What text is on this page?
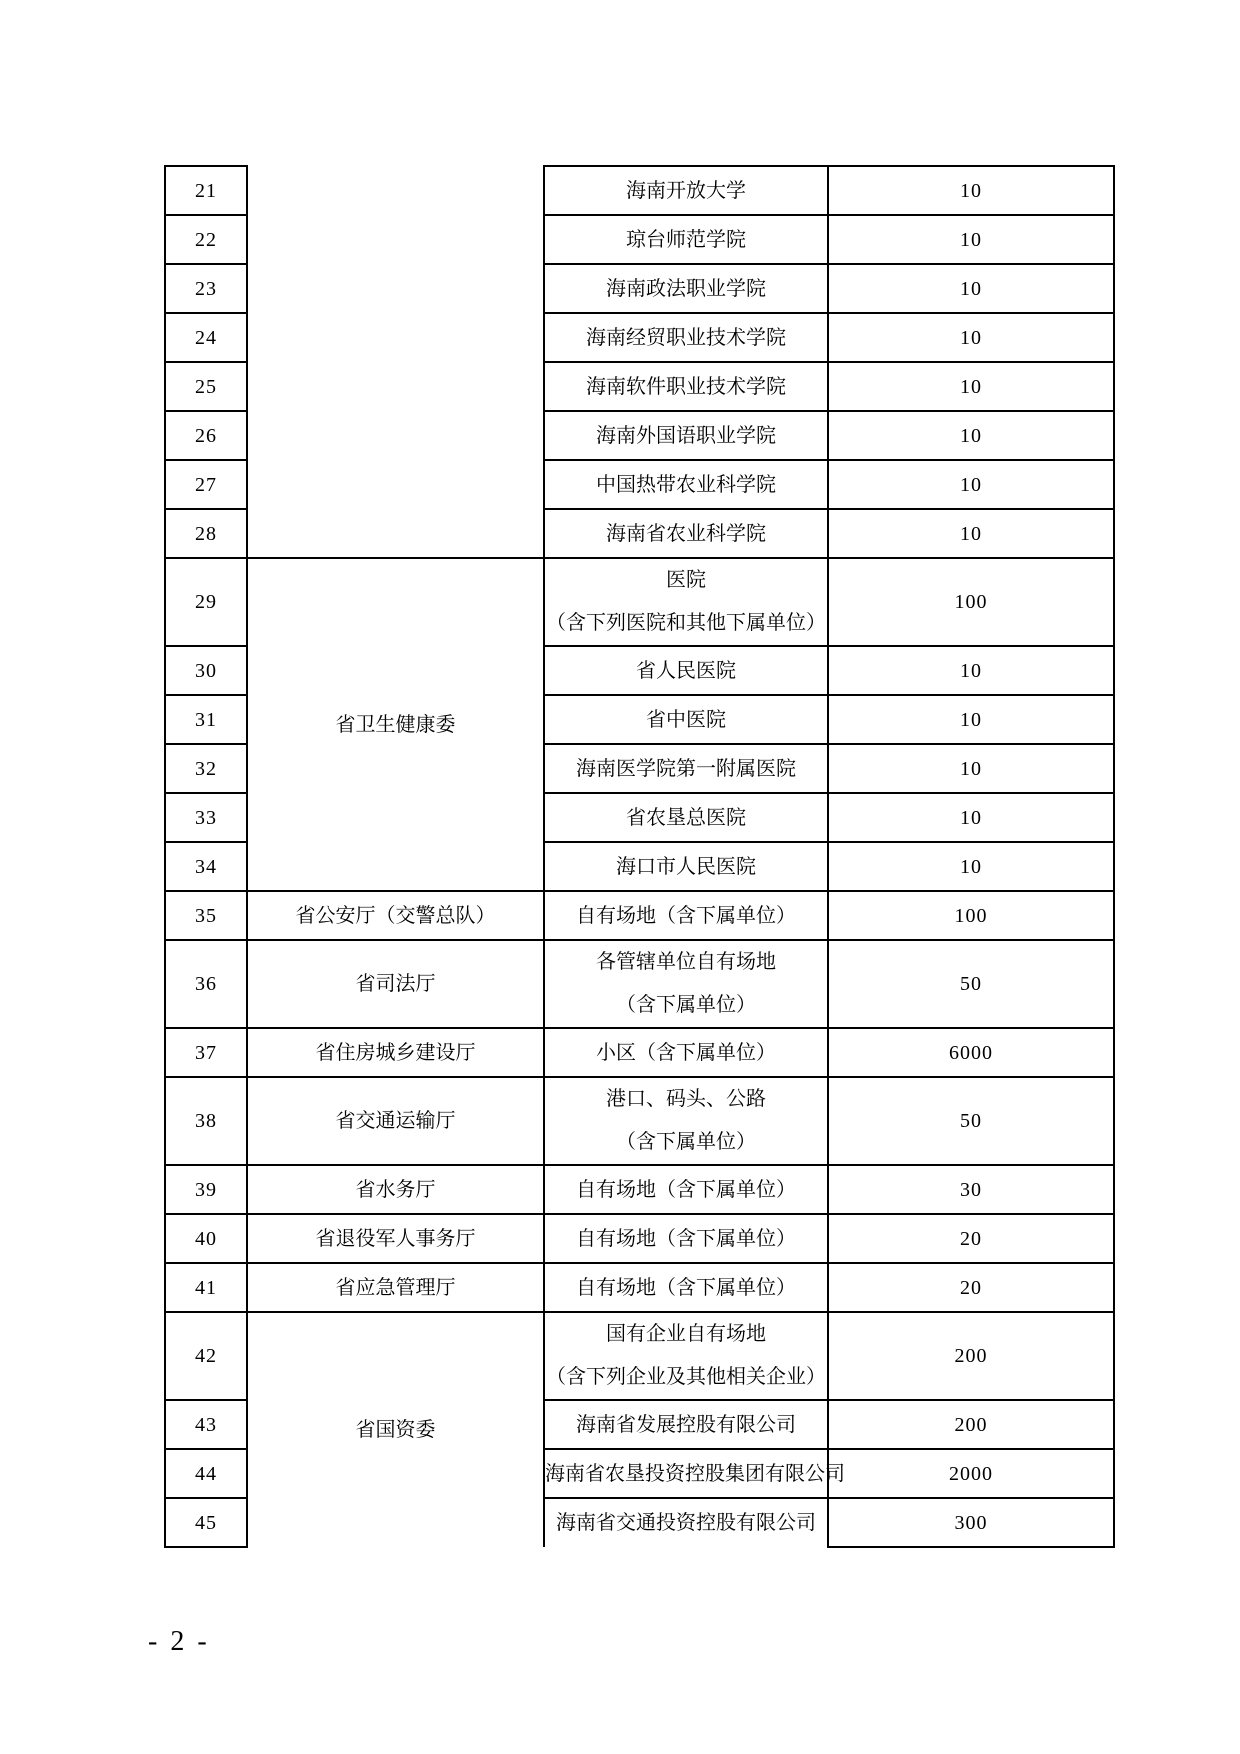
21		海南开放大学	10

22		琼台师范学院	10

23		海南政法职业学院	10

24		海南经贸职业技术学院	10

25		海南软件职业技术学院	10

26		海南外国语职业学院	10

27		中国热带农业科学院	10

28		海南省农业科学院	10

29	省卫生健康委	医院
（含下列医院和其他下属单位）	100

30		省人民医院	10

31		省中医院	10

32		海南医学院第一附属医院	10

33		省农垦总医院	10

34		海口市人民医院	10

35	省公安厅（交警总队）	自有场地（含下属单位）	100

36	省司法厅	各管辖单位自有场地
（含下属单位）	50

37	省住房城乡建设厅	小区（含下属单位）	6000

38	省交通运输厅	港口、码头、公路
（含下属单位）	50

39	省水务厅	自有场地（含下属单位）	30

40	省退役军人事务厅	自有场地（含下属单位）	20

41	省应急管理厅	自有场地（含下属单位）	20

42	省国资委	国有企业自有场地
（含下列企业及其他相关企业）	200

43		海南省发展控股有限公司	200

44		海南省农垦投资控股集团有限公司	2000

45		海南省交通投资控股有限公司	300
- 2 -
